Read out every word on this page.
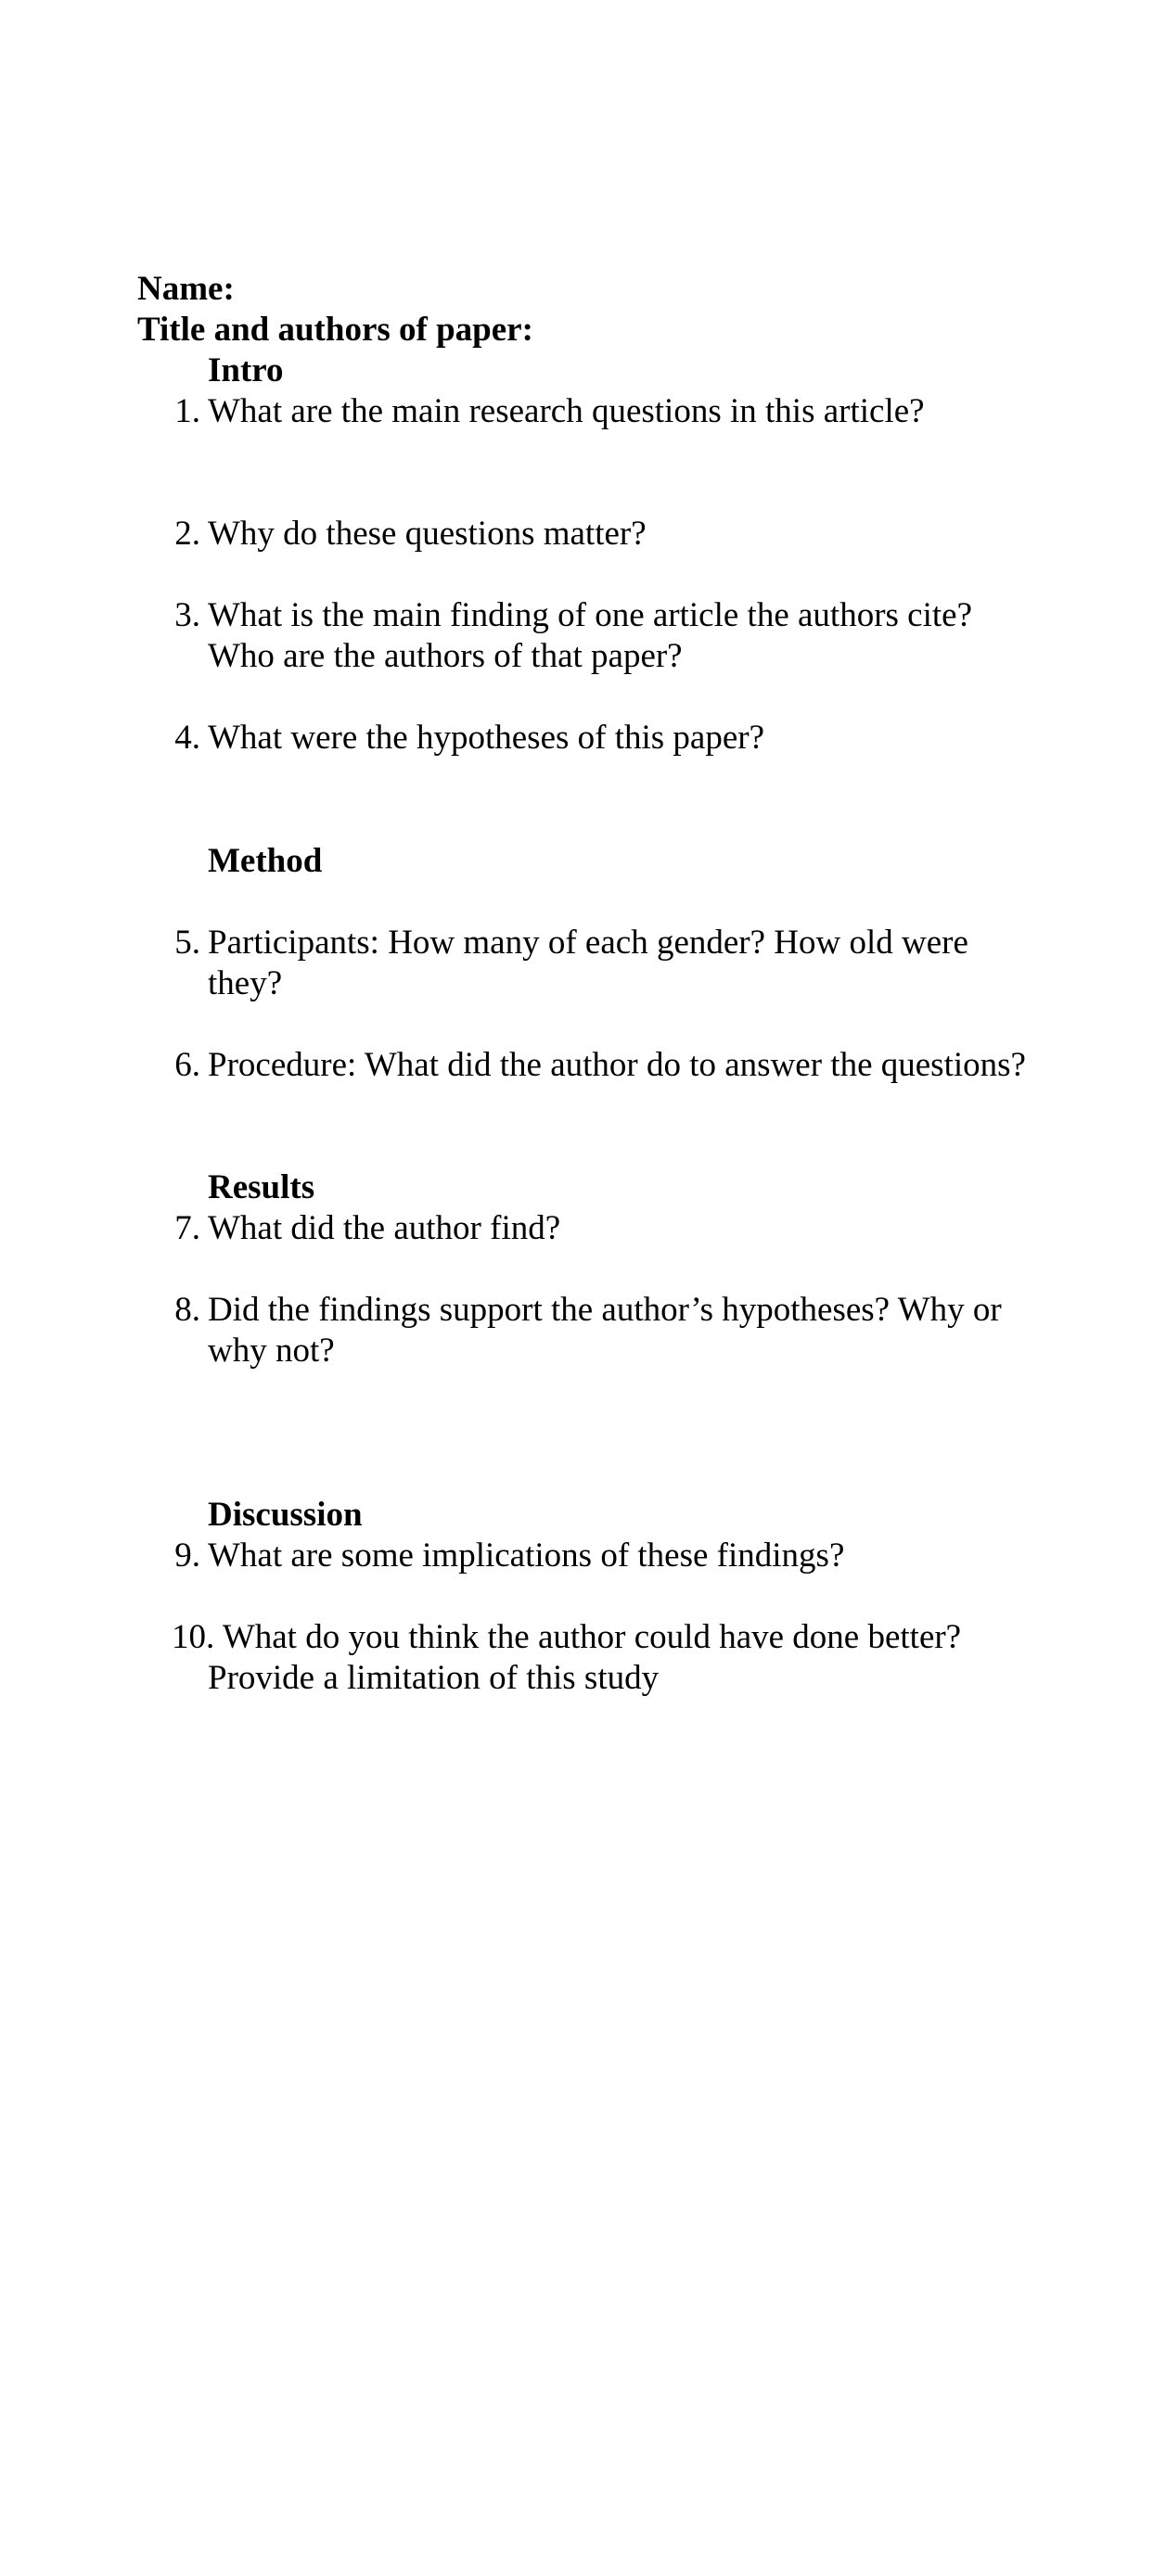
Name:
Title and authors of paper:
Intro
1. What are the main research questions in this article?
2. Why do these questions matter?
3. What is the main finding of one article the authors cite?
Who are the authors of that paper?
4. What were the hypotheses of this paper?
Method
5. Participants: How many of each gender? How old were
they?
6. Procedure: What did the author do to answer the questions?
Results
7. What did the author find?
8. Did the findings support the author’s hypotheses? Why or
why not?
Discussion
9. What are some implications of these findings?
10. What do you think the author could have done better?
Provide a limitation of this study
